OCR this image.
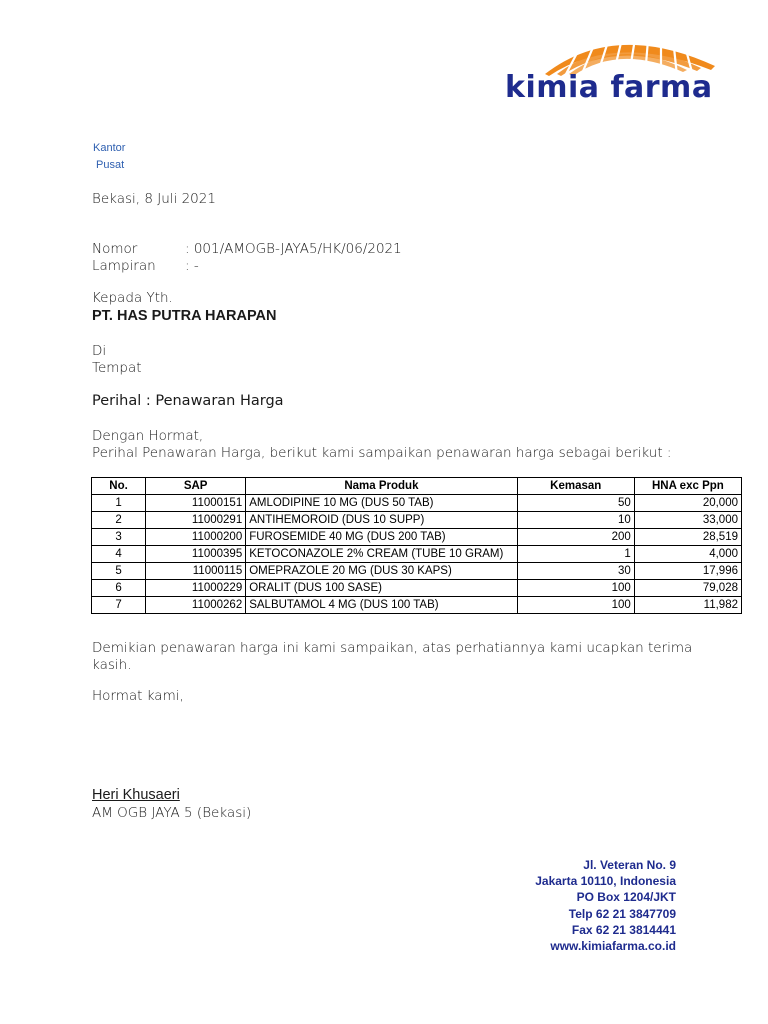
kimia farma
Kantor
Pusat
Bekasi, 8 Juli 2021
Nomor	: 001/AMOGB-JAYA5/HK/06/2021
Lampiran : -
Kepada Yth.
PT. HAS PUTRA HARAPAN
Di
Tempat
Perihal : Penawaran Harga
Dengan Hormat,
Perihal Penawaran Harga, berikut kami sampaikan penawaran harga sebagai berikut :
No.	SAP	Nama Produk	Kemasan	HNA exc Ppn
1	11000151	AMLODIPINE 10 MG (DUS 50 TAB)	50	20,000
2	11000291	ANTIHEMOROID (DUS 10 SUPP)	10	33,000
3	11000200	FUROSEMIDE 40 MG (DUS 200 TAB)	200	28,519
4	11000395	KETOCONAZOLE 2% CREAM (TUBE 10 GRAM)	1	4,000
5	11000115	OMEPRAZOLE 20 MG (DUS 30 KAPS)	30	17,996
6	11000229	ORALIT (DUS 100 SASE)	100	79,028
7	11000262	SALBUTAMOL 4 MG (DUS 100 TAB)	100	11,982
Demikian penawaran harga ini kami sampaikan, atas perhatiannya kami ucapkan terima
kasih.
Hormat kami,
Heri Khusaeri
AM OGB JAYA 5 (Bekasi)
Jl. Veteran No. 9
Jakarta 10110, Indonesia
PO Box 1204/JKT
Telp 62 21 3847709
Fax 62 21 3814441
www.kimiafarma.co.id
